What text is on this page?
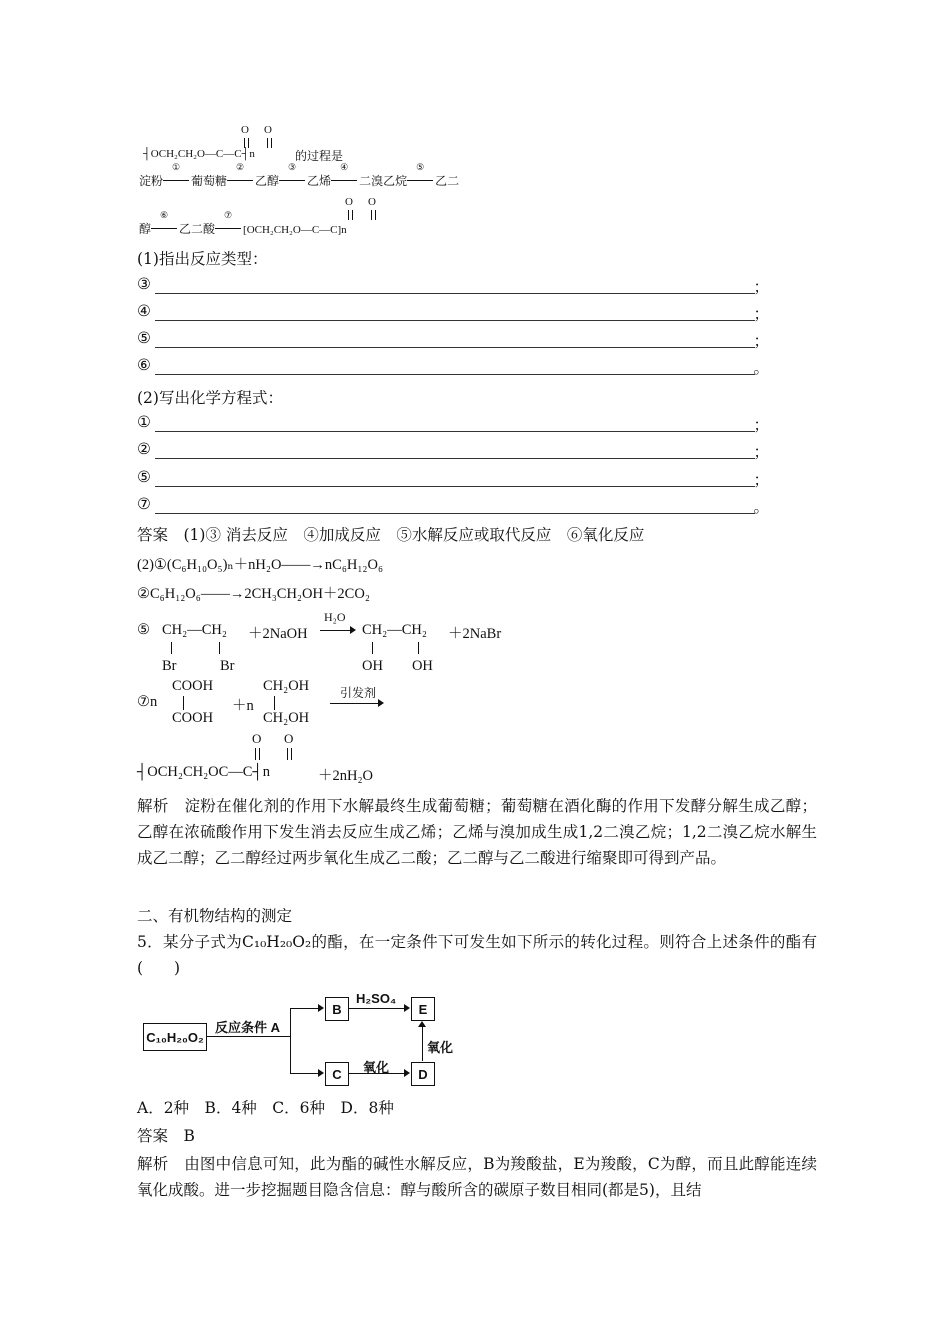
O O
┤OCH₂CH₂O—C—C┤n	的过程是
淀粉
①
葡萄糖
②
乙醇
③
乙烯
④
二溴乙烷
⑤
乙二
O O
醇
⑥
乙二酸
⑦
[OCH₂CH₂O—C—C]n
(1)指出反应类型：
③	；
④	；
⑤	；
⑥	。
(2)写出化学方程式：
①	；
②	；
⑤	；
⑦	。
答案　(1)③ 消去反应　④加成反应　⑤水解反应或取代反应　⑥氧化反应
(2)①(C₆H₁₀O₅)ₙ＋nH₂O——→nC₆H₁₂O₆
②C₆H₁₂O₆——→2CH₃CH₂OH＋2CO₂
⑤ CH₂—CH₂
Br　　　Br
＋2NaOH
H₂O
CH₂—CH₂
OH　　OH
＋2NaBr
⑦n
COOH
COOH
＋n
CH₂OH
CH₂OH
引发剂
O O
┤OCH₂CH₂OC—C┤n	＋2nH₂O
解析　淀粉在催化剂的作用下水解最终生成葡萄糖；葡萄糖在酒化酶的作用下发酵分解生成乙醇；乙醇在浓硫酸作用下发生消去反应生成乙烯；乙烯与溴加成生成1,2二溴乙烷；1,2二溴乙烷水解生成乙二醇；乙二醇经过两步氧化生成乙二酸；乙二醇与乙二酸进行缩聚即可得到产品。
二、有机物结构的测定
5．某分子式为C₁₀H₂₀O₂的酯，在一定条件下可发生如下所示的转化过程。则符合上述条件的酯有(　　)
C₁₀H₂₀O₂
反应条件 A
B
C
E
D
H₂SO₄
氧化
氧化
A．2种　B．4种　C．6种　D．8种
答案　B
解析　由图中信息可知，此为酯的碱性水解反应，B为羧酸盐，E为羧酸，C为醇，而且此醇能连续氧化成酸。进一步挖掘题目隐含信息：醇与酸所含的碳原子数目相同(都是5)，且结
